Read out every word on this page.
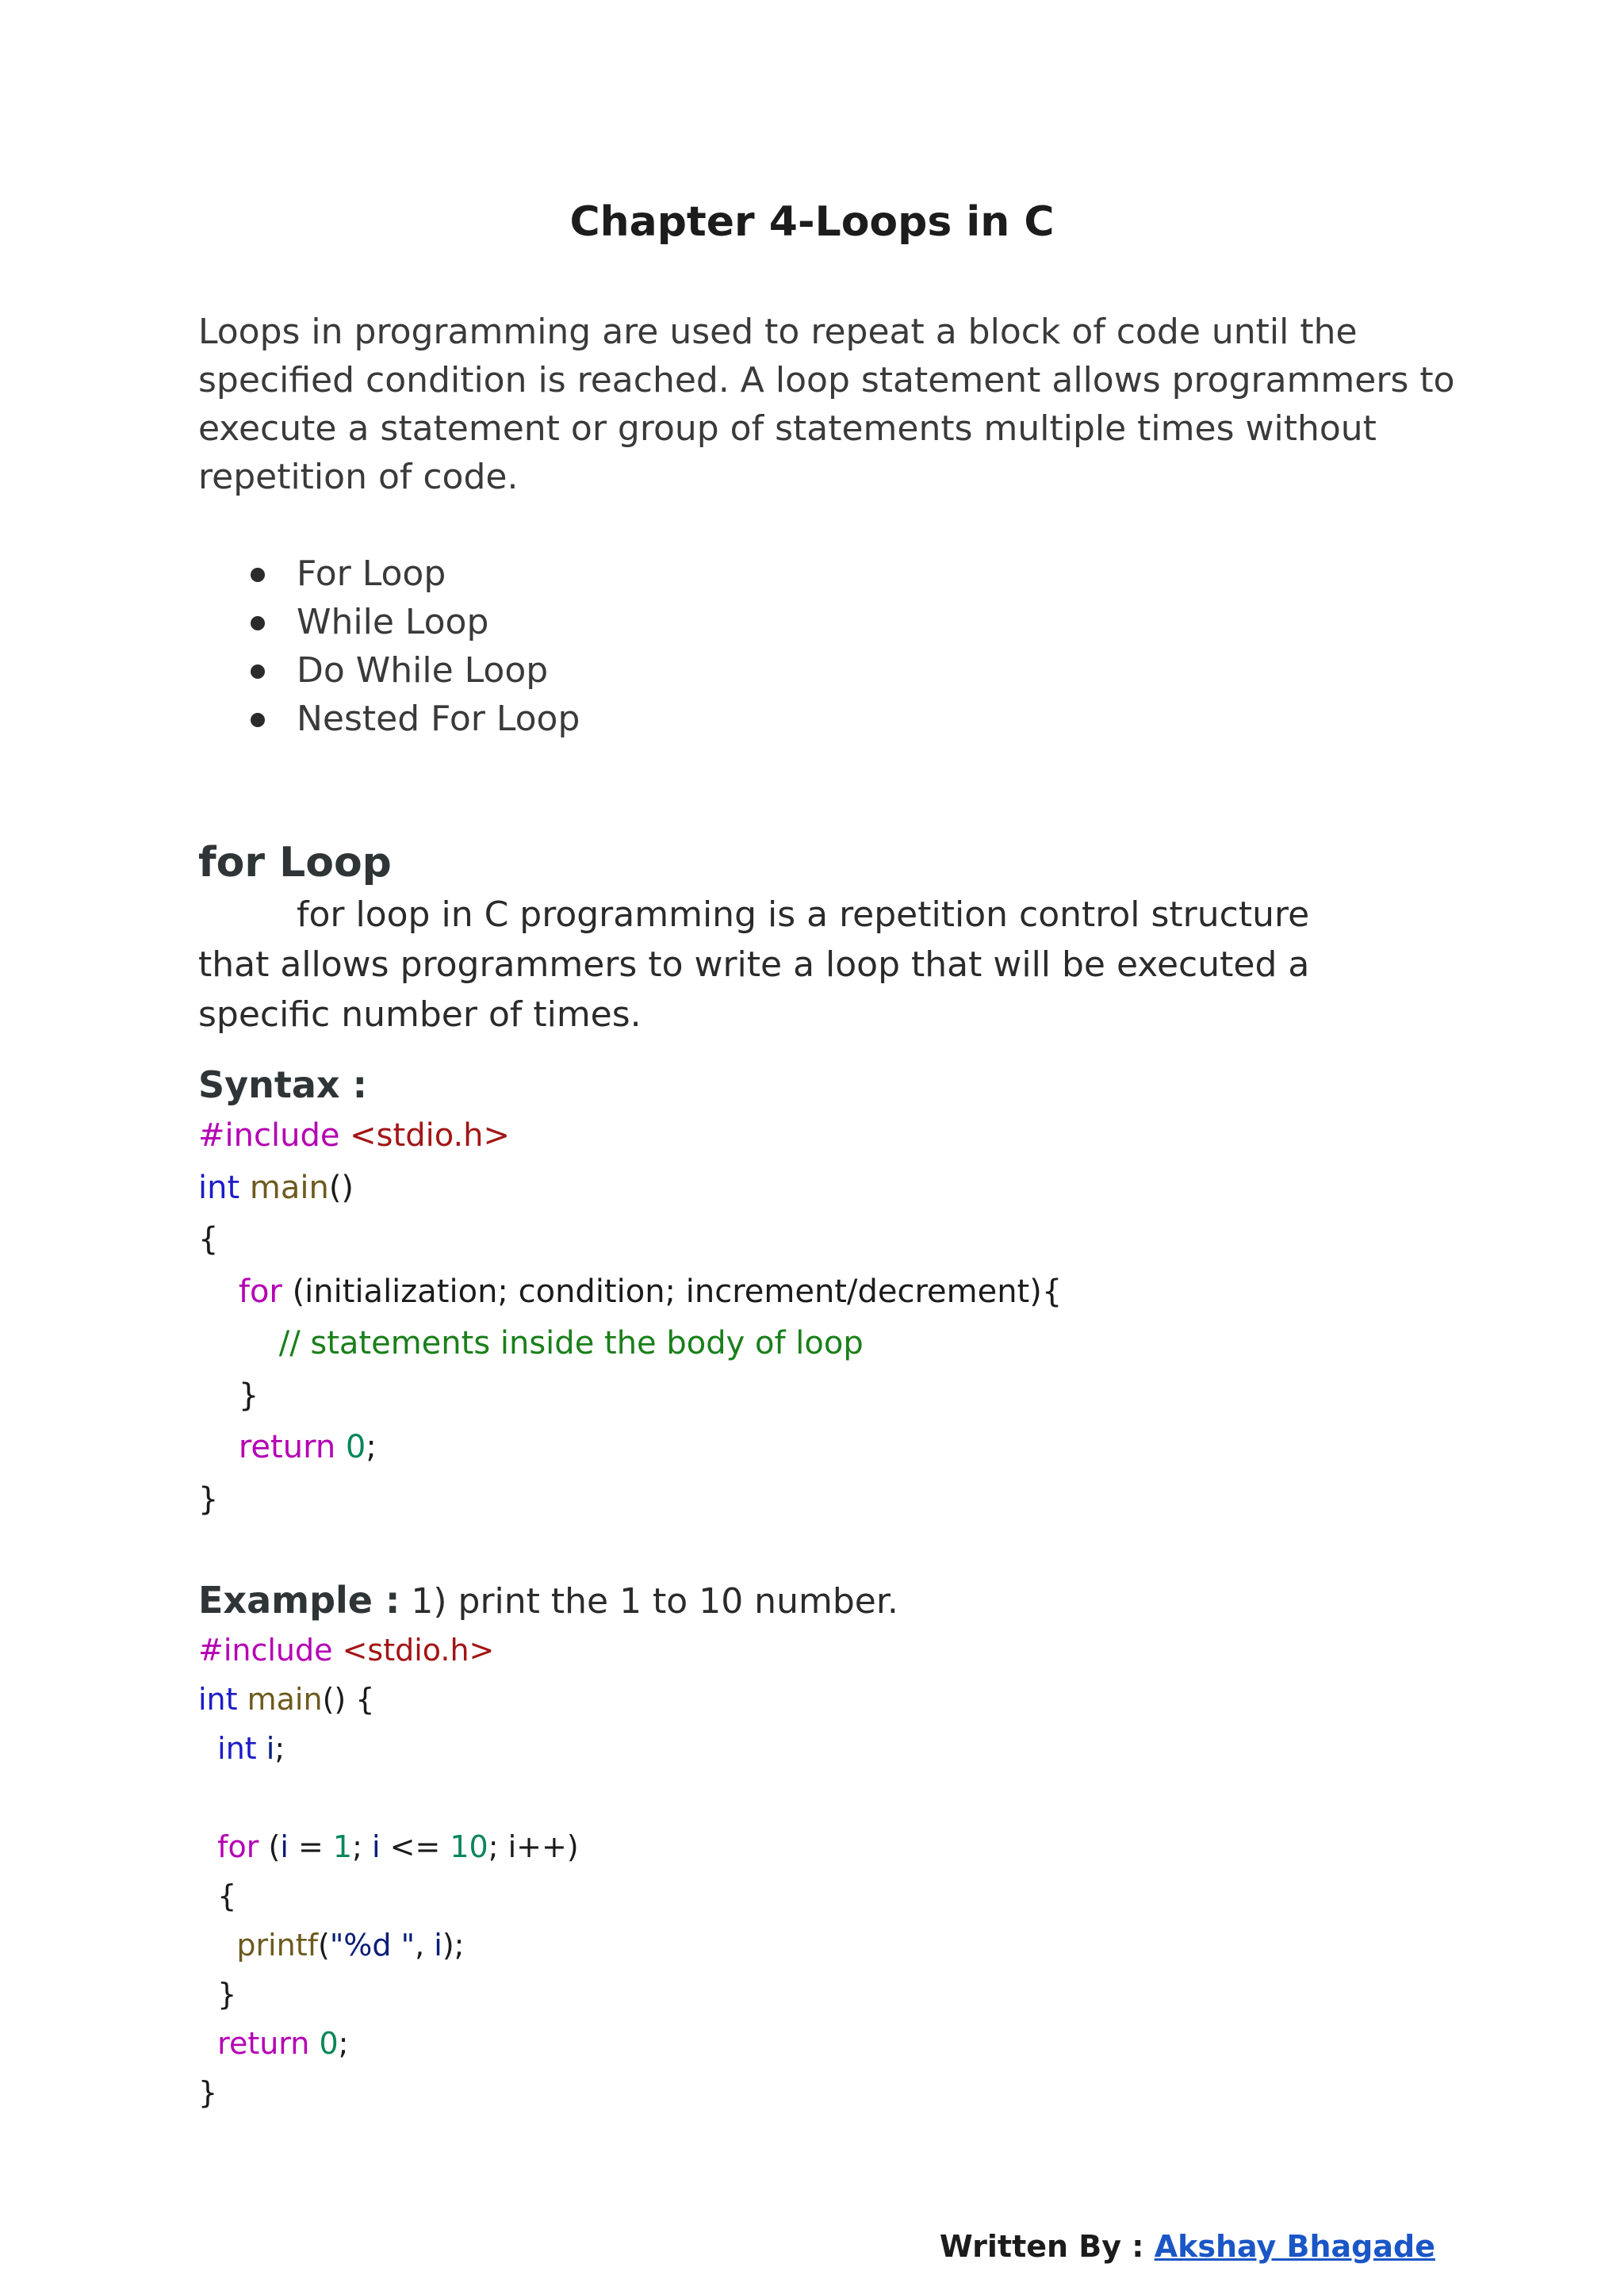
Chapter 4-Loops in C

Loops in programming are used to repeat a block of code until the
specified condition is reached. A loop statement allows programmers to
execute a statement or group of statements multiple times without
repetition of code.

For Loop
While Loop
Do While Loop
Nested For Loop
for Loop

for loop in C programming is a repetition control structure
that allows programmers to write a loop that will be executed a
specific number of times.

Syntax :

#include <stdio.h>
int main()
{
for (initialization; condition; increment/decrement){
// statements inside the body of loop
}
return 0;
}

Example : 1) print the 1 to 10 number.

#include <stdio.h>
int main() {
int i;

for (i = 1; i <= 10; i++)
{
printf("%d ", i);
}
return 0;
}

Written By : Akshay Bhagade
